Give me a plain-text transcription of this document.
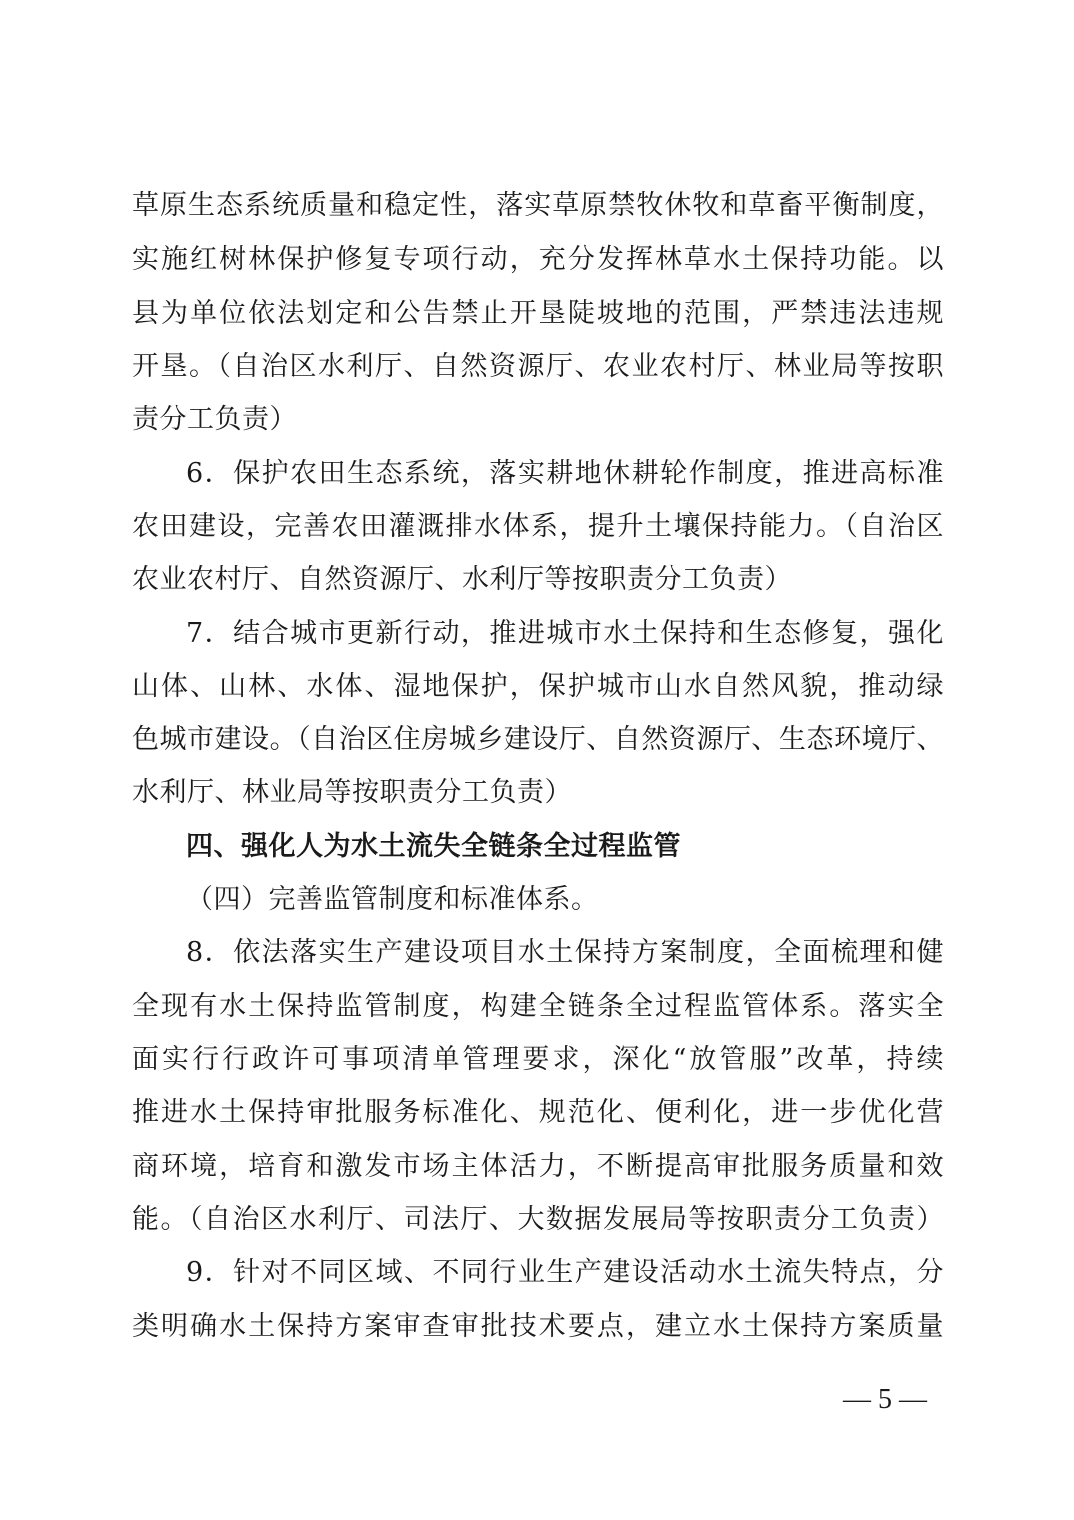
草原生态系统质量和稳定性，落实草原禁牧休牧和草畜平衡制度，
实施红树林保护修复专项行动，充分发挥林草水土保持功能。以
县为单位依法划定和公告禁止开垦陡坡地的范围，严禁违法违规
开垦。（自治区水利厅、自然资源厅、农业农村厅、林业局等按职
责分工负责）
6．保护农田生态系统，落实耕地休耕轮作制度，推进高标准
农田建设，完善农田灌溉排水体系，提升土壤保持能力。（自治区
农业农村厅、自然资源厅、水利厅等按职责分工负责）
7．结合城市更新行动，推进城市水土保持和生态修复，强化
山体、山林、水体、湿地保护，保护城市山水自然风貌，推动绿
色城市建设。（自治区住房城乡建设厅、自然资源厅、生态环境厅、
水利厅、林业局等按职责分工负责）
四、强化人为水土流失全链条全过程监管
（四）完善监管制度和标准体系。
8．依法落实生产建设项目水土保持方案制度，全面梳理和健
全现有水土保持监管制度，构建全链条全过程监管体系。落实全
面实行行政许可事项清单管理要求，深化“放管服”改革，持续
推进水土保持审批服务标准化、规范化、便利化，进一步优化营
商环境，培育和激发市场主体活力，不断提高审批服务质量和效
能。（自治区水利厅、司法厅、大数据发展局等按职责分工负责）
9．针对不同区域、不同行业生产建设活动水土流失特点，分
类明确水土保持方案审查审批技术要点，建立水土保持方案质量
— 5 —
